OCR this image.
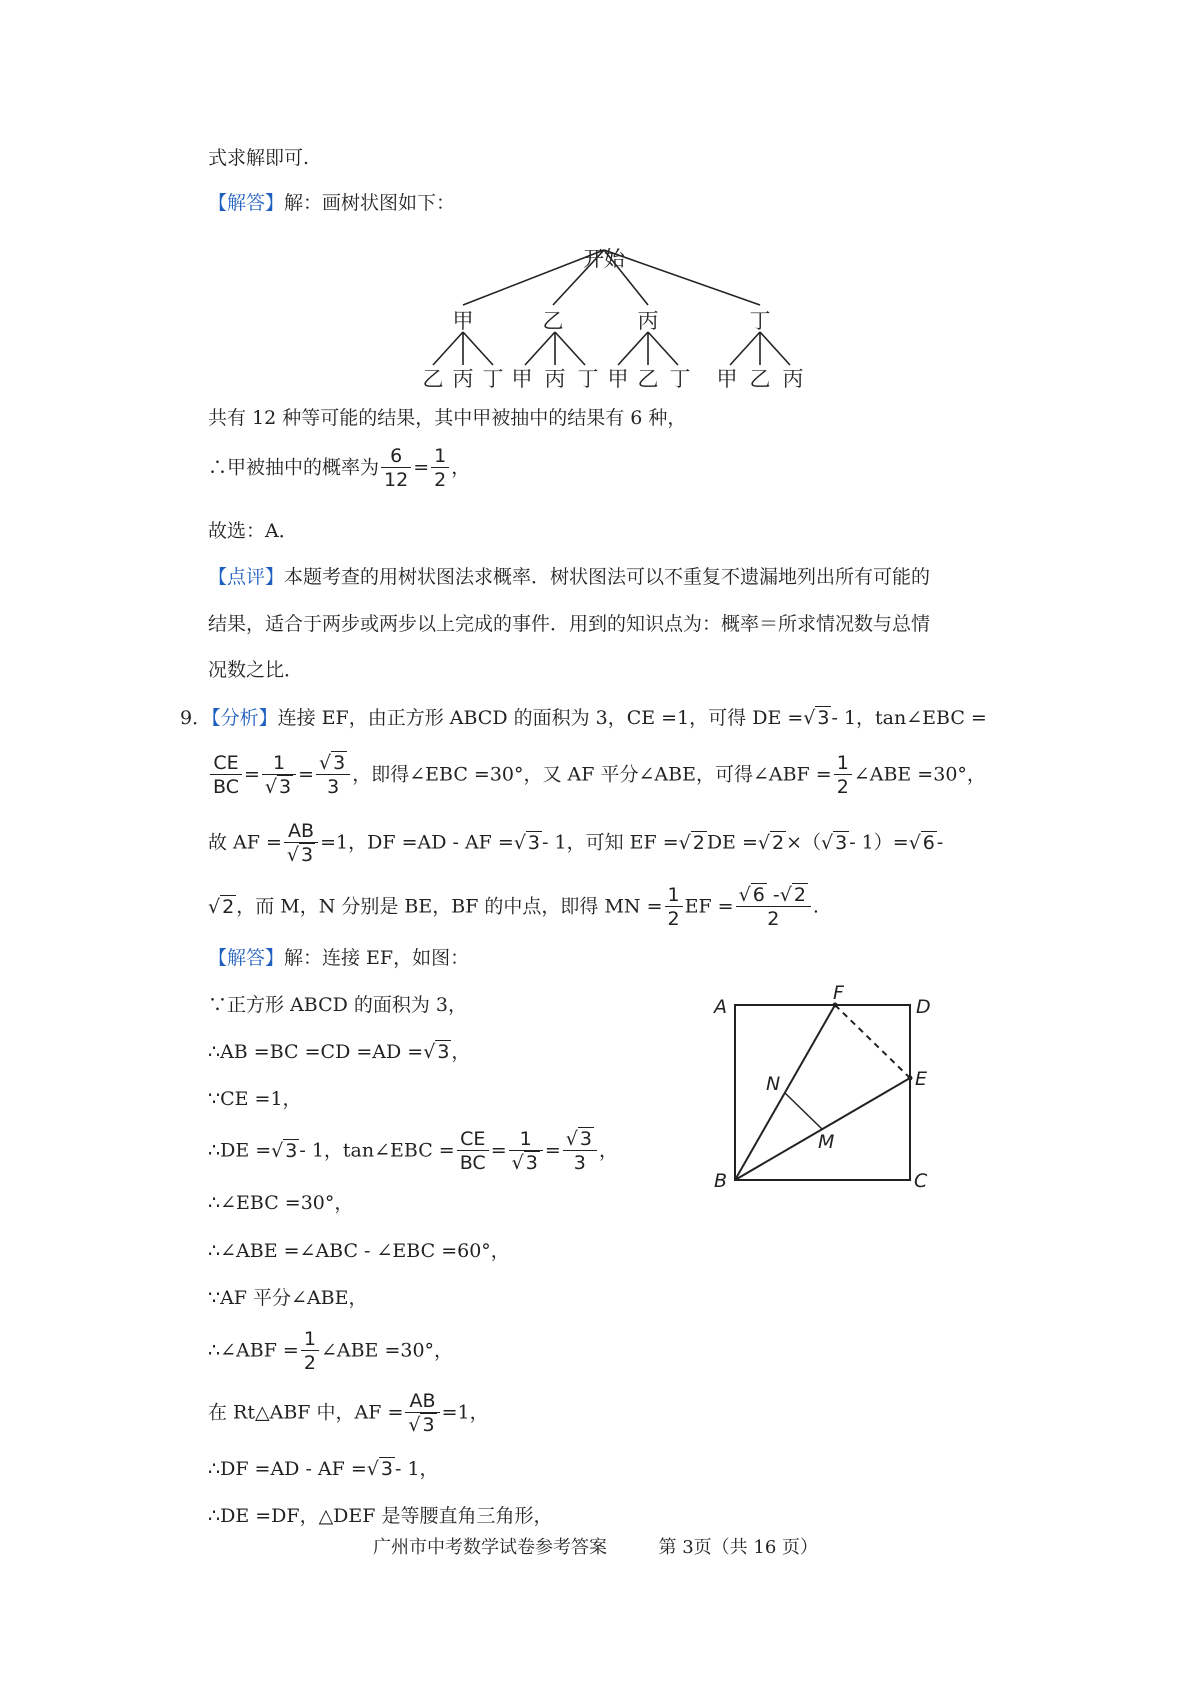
式求解即可.
【解答】解：画树状图如下：
开始
甲	乙	丙	丁
乙 丙 丁 甲 丙 丁 甲 乙 丁 甲 乙 丙
共有 12 种等可能的结果，其中甲被抽中的结果有 6 种，
∴甲被抽中的概率为 $\frac{6}{12} = \frac{1}{2}$ ，
故选：A．
【点评】本题考查的用树状图法求概率．树状图法可以不重复不遗漏地列出所有可能的
结果，适合于两步或两步以上完成的事件．用到的知识点为：概率＝所求情况数与总情
况数之比．
9．【分析】连接 EF，由正方形 ABCD 的面积为 3，CE =1，可得 DE =√ 3 - 1，tan∠EBC =
$\frac{CE}{BC} = \frac{1}{√ 3} = \frac{√ 3}{3}$ ，即得∠EBC =30°，又 AF 平分∠ABE，可得∠ABF = $\frac{1}{2}$ ∠ABE =30°，
故 AF = $\frac{AB}{√ 3} =1$，DF =AD - AF =√ 3 - 1，可知 EF =√ 2 DE =√ 2 ×（√ 3 - 1）=√ 6 -
√ 2 ，而 M，N 分别是 BE，BF 的中点，即得 MN = $\frac{1}{2}$ EF = $\frac{√ 6 -√ 2}{2}$ .
【解答】解：连接 EF，如图：
∵正方形 ABCD 的面积为 3，
∴AB =BC =CD =AD =√ 3 ，
∵CE =1，
∴DE =√ 3 - 1，tan∠EBC = $\frac{CE}{BC} = \frac{1}{√ 3} = \frac{√ 3}{3}$ ，
∴∠EBC =30°，
∴∠ABE =∠ABC - ∠EBC =60°，
∵AF 平分∠ABE，
∴∠ABF = $\frac{1}{2}$ ∠ABE =30°，
在 Rt△ABF 中，AF = $\frac{AB}{√ 3} =1$，
∴DF =AD - AF =√ 3 - 1，
∴DE =DF，△DEF 是等腰直角三角形，
A
F
D
E
N
M
B	C
广州市中考数学试卷参考答案	第 3页（共 16 页）
